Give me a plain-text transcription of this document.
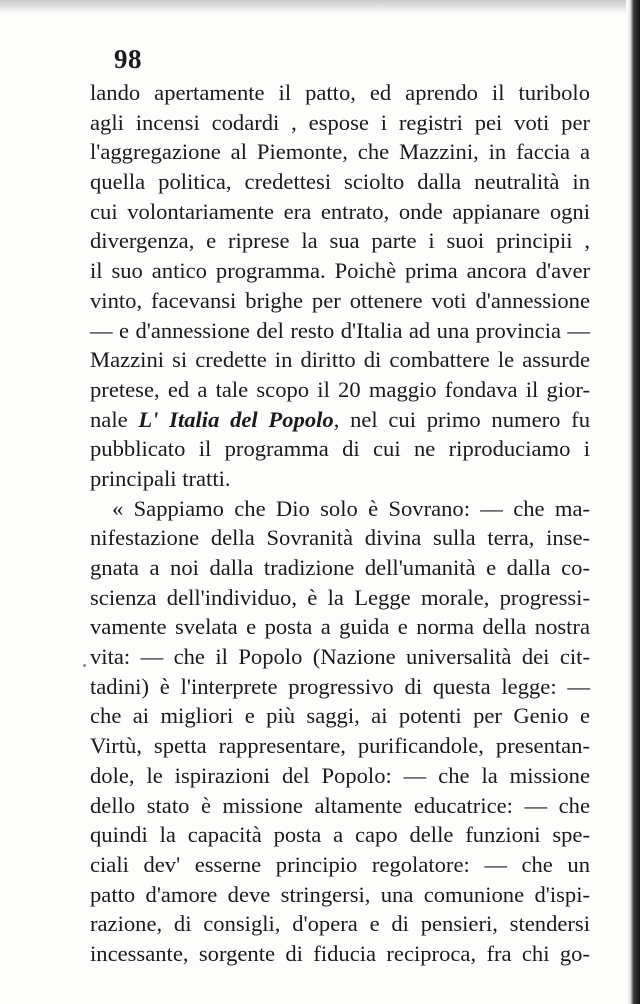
98
lando apertamente il patto, ed aprendo il turibolo
agli incensi codardi , espose i registri pei voti per
l'aggregazione al Piemonte, che Mazzini, in faccia a
quella politica, credettesi sciolto dalla neutralità in
cui volontariamente era entrato, onde appianare ogni
divergenza, e riprese la sua parte i suoi principii ,
il suo antico programma. Poichè prima ancora d'aver
vinto, facevansi brighe per ottenere voti d'annessione
— e d'annessione del resto d'Italia ad una provincia —
Mazzini si credette in diritto di combattere le assurde
pretese, ed a tale scopo il 20 maggio fondava il gior-
nale L' Italia del Popolo, nel cui primo numero fu
pubblicato il programma di cui ne riproduciamo i
principali tratti.
« Sappiamo che Dio solo è Sovrano: — che ma-
nifestazione della Sovranità divina sulla terra, inse-
gnata a noi dalla tradizione dell'umanità e dalla co-
scienza dell'individuo, è la Legge morale, progressi-
vamente svelata e posta a guida e norma della nostra
vita: — che il Popolo (Nazione universalità dei cit-
tadini) è l'interprete progressivo di questa legge: —
che ai migliori e più saggi, ai potenti per Genio e
Virtù, spetta rappresentare, purificandole, presentan-
dole, le ispirazioni del Popolo: — che la missione
dello stato è missione altamente educatrice: — che
quindi la capacità posta a capo delle funzioni spe-
ciali dev' esserne principio regolatore: — che un
patto d'amore deve stringersi, una comunione d'ispi-
razione, di consigli, d'opera e di pensieri, stendersi
incessante, sorgente di fiducia reciproca, fra chi go-
